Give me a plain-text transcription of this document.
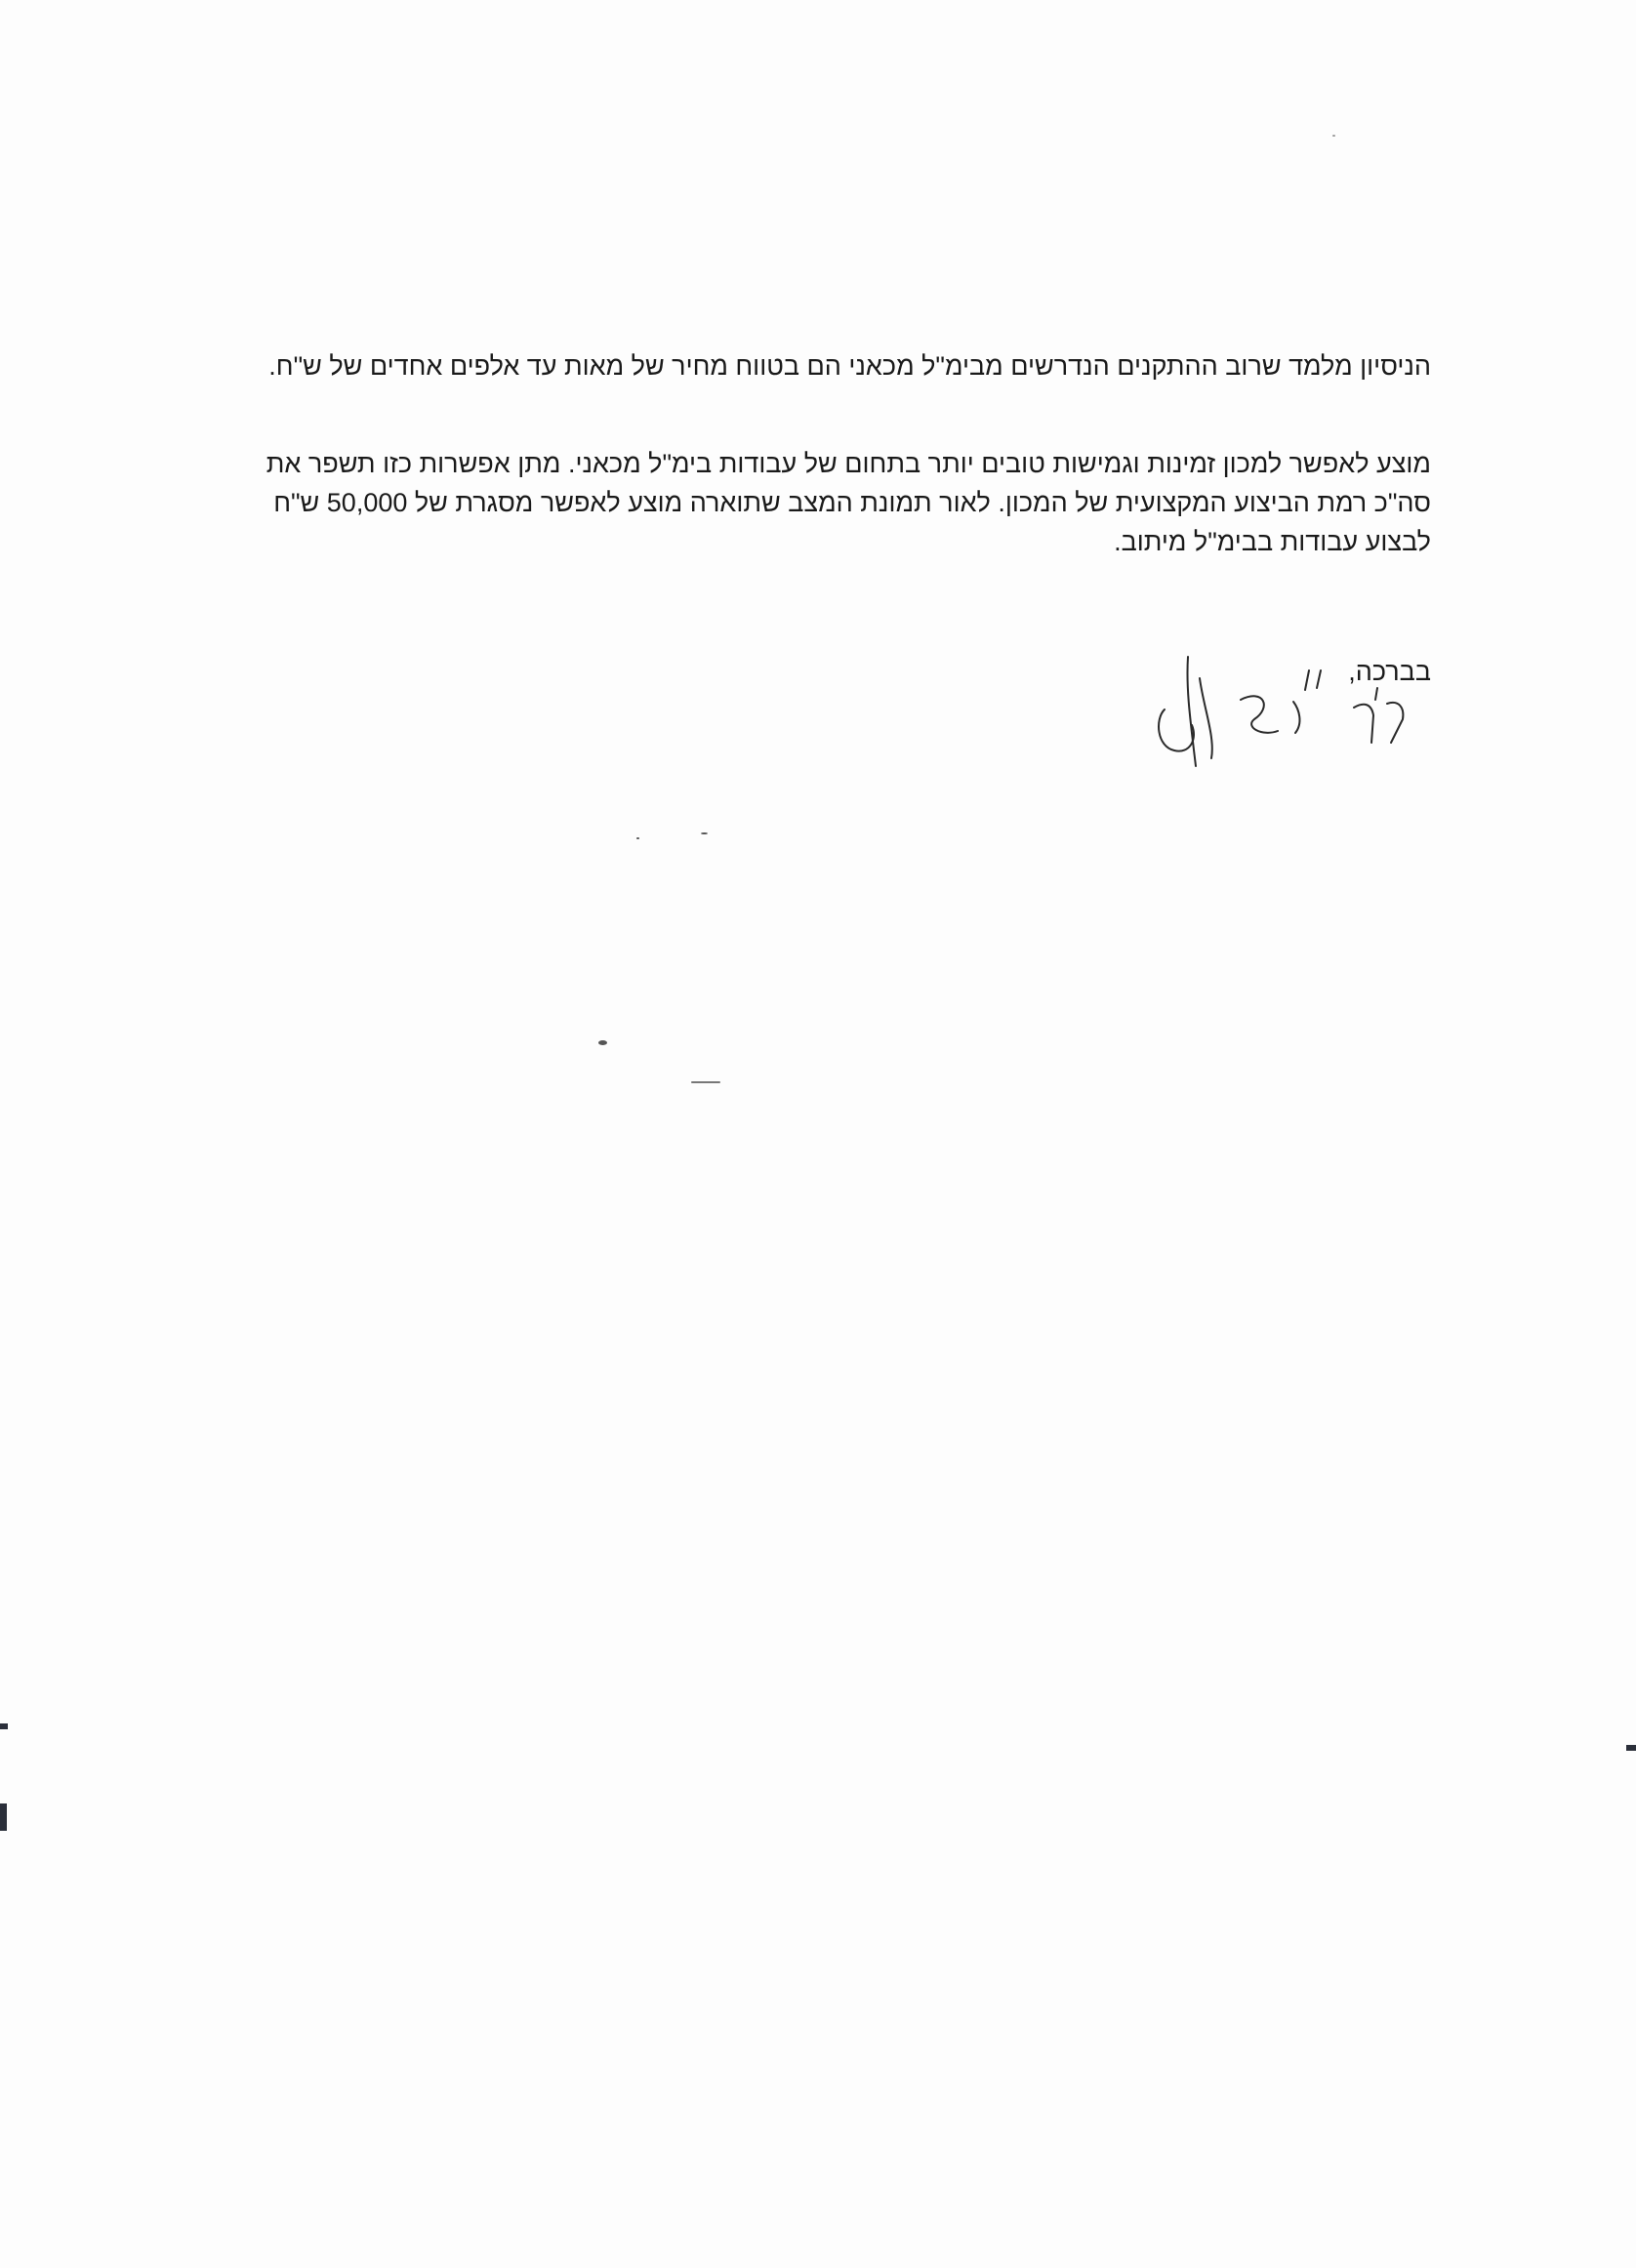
הניסיון מלמד שרוב ההתקנים הנדרשים מבימ"ל מכאני הם בטווח מחיר של מאות עד אלפים אחדים של ש"ח.
מוצע לאפשר למכון זמינות וגמישות טובים יותר בתחום של עבודות בימ"ל מכאני. מתן אפשרות כזו תשפר את
סה"כ רמת הביצוע המקצועית של המכון. לאור תמונת המצב שתוארה מוצע לאפשר מסגרת של 50,000 ש"ח
לבצוע עבודות בבימ"ל מיתוב.
בברכה,
